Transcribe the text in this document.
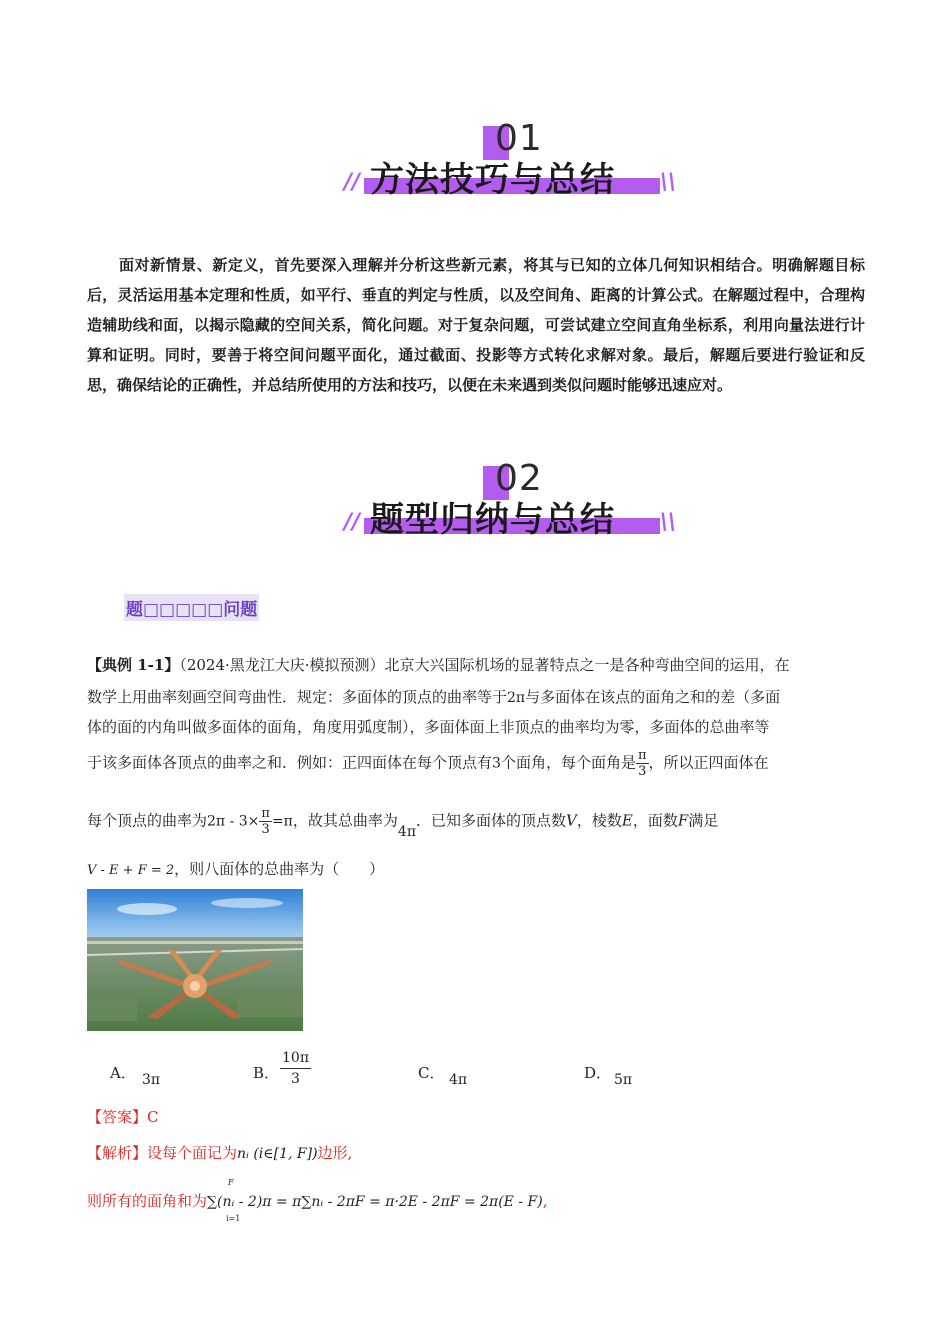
01
方法技巧与总结
//	\\
面对新情景、新定义，首先要深入理解并分析这些新元素，将其与已知的立体几何知识相结合。明确解题目标后，灵活运用基本定理和性质，如平行、垂直的判定与性质，以及空间角、距离的计算公式。在解题过程中，合理构造辅助线和面，以揭示隐藏的空间关系，简化问题。对于复杂问题，可尝试建立空间直角坐标系，利用向量法进行计算和证明。同时，要善于将空间问题平面化，通过截面、投影等方式转化求解对象。最后，解题后要进行验证和反思，确保结论的正确性，并总结所使用的方法和技巧，以便在未来遇到类似问题时能够迅速应对。
02
题型归纳与总结
//	\\
题□□□□□问题
【典例 1-1】（2024·黑龙江大庆·模拟预测）北京大兴国际机场的显著特点之一是各种弯曲空间的运用，在
数学上用曲率刻画空间弯曲性．规定：多面体的顶点的曲率等于2π与多面体在该点的面角之和的差（多面
体的面的内角叫做多面体的面角，角度用弧度制），多面体面上非顶点的曲率均为零，多面体的总曲率等
于该多面体各顶点的曲率之和．例如：正四面体在每个顶点有3个面角，每个面角是 $\frac{\pi}{3}$ ，所以正四面体在
每个顶点的曲率为$2\pi - 3\times \frac{\pi}{3} =\pi$，故其总曲率为4π．已知多面体的顶点数V，棱数E，面数F满足
V - E + F = 2，则八面体的总曲率为（　　）
A． 3π	B． $\frac{10\pi}{3}$	C． 4π	D． 5π
【答案】C
【解析】设每个面记为nᵢ (i∈[1, F])边形,
则所有的面角和为∑(nᵢ - 2)π = π∑nᵢ - 2πF = π·2E - 2πF = 2π(E - F),
F
i=1
